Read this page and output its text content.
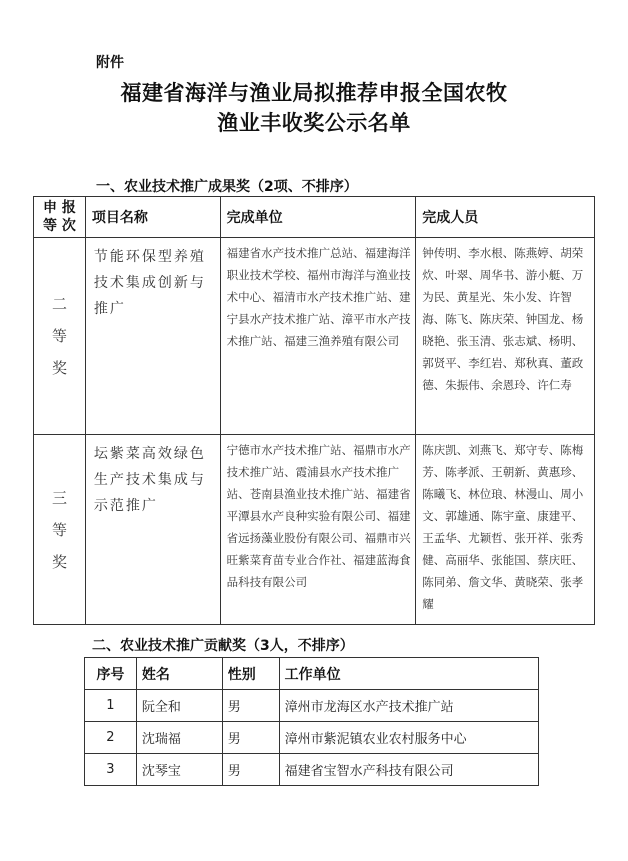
附件
福建省海洋与渔业局拟推荐申报全国农牧
渔业丰收奖公示名单
一、农业技术推广成果奖（2项、不排序）
申 报
等 次	项目名称	完成单位	完成人员
二等奖	节能环保型养殖技术集成创新与推广	福建省水产技术推广总站、福建海洋职业技术学校、福州市海洋与渔业技术中心、福清市水产技术推广站、建宁县水产技术推广站、漳平市水产技术推广站、福建三渔养殖有限公司	钟传明、李水根、陈燕婷、胡荣炊、叶翠、周华书、游小艇、万为民、黄星光、朱小发、许智海、陈飞、陈庆荣、钟国龙、杨晓艳、张玉清、张志斌、杨明、郭贤平、李红岩、郑秋真、董政德、朱振伟、余恩玲、许仁寿
三等奖	坛紫菜高效绿色生产技术集成与示范推广	宁德市水产技术推广站、福鼎市水产技术推广站、霞浦县水产技术推广站、苍南县渔业技术推广站、福建省平潭县水产良种实验有限公司、福建省远扬藻业股份有限公司、福鼎市兴旺紫菜育苗专业合作社、福建蓝海食品科技有限公司	陈庆凯、刘燕飞、郑守专、陈梅芳、陈孝派、王朝新、黄惠珍、陈曦飞、林位琅、林漫山、周小文、郭雄通、陈宇童、康建平、王孟华、尤颖哲、张开祥、张秀健、高丽华、张能国、蔡庆旺、陈同弟、詹文华、黄晓荣、张孝耀
二、农业技术推广贡献奖（3人，不排序）
序号	姓名	性别	工作单位
1	阮全和	男	漳州市龙海区水产技术推广站
2	沈瑞福	男	漳州市紫泥镇农业农村服务中心
3	沈琴宝	男	福建省宝智水产科技有限公司
